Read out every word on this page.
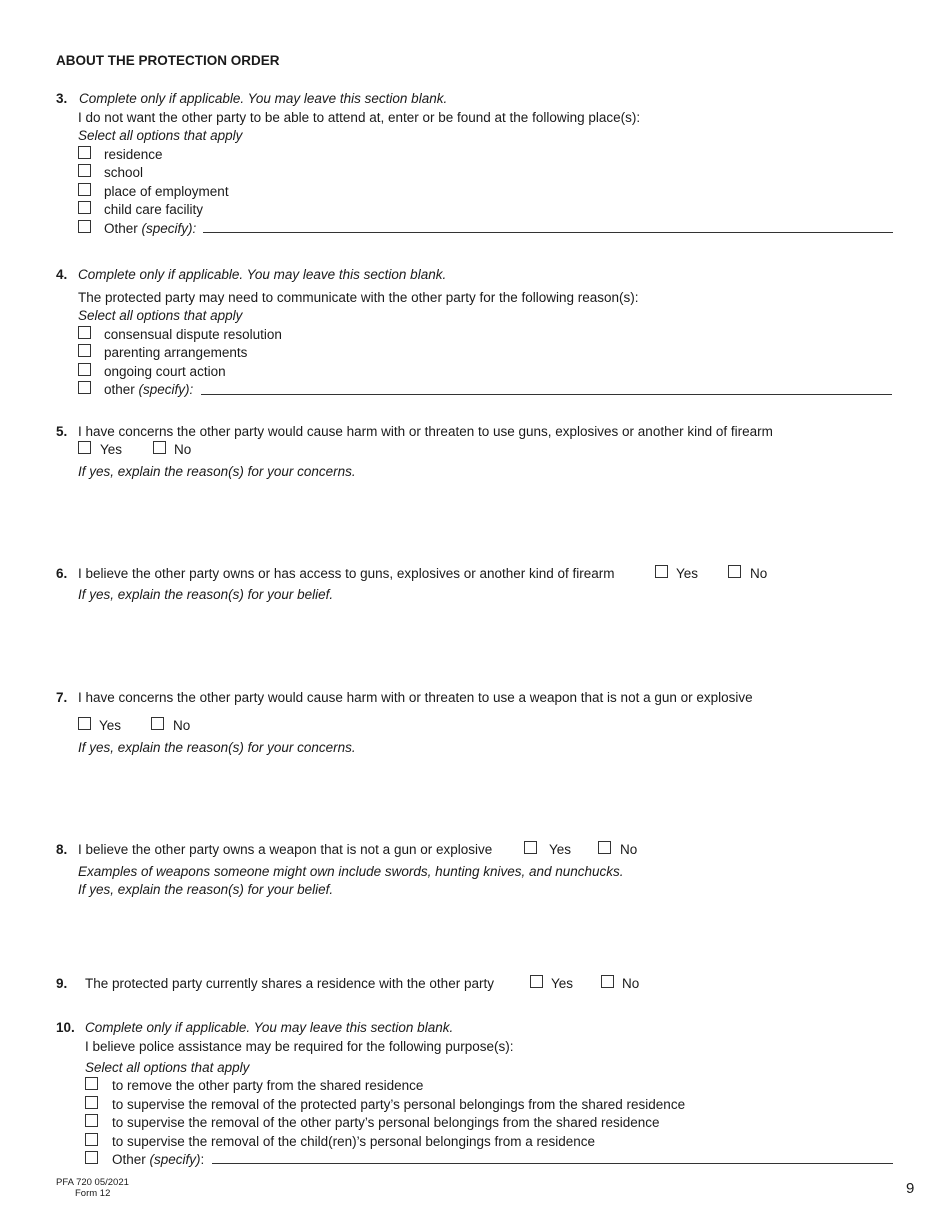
ABOUT THE PROTECTION ORDER
3. Complete only if applicable. You may leave this section blank.
I do not want the other party to be able to attend at, enter or be found at the following place(s):
Select all options that apply
residence
school
place of employment
child care facility
Other (specify):
4. Complete only if applicable. You may leave this section blank.
The protected party may need to communicate with the other party for the following reason(s):
Select all options that apply
consensual dispute resolution
parenting arrangements
ongoing court action
other (specify):
5. I have concerns the other party would cause harm with or threaten to use guns, explosives or another kind of firearm
Yes	No
If yes, explain the reason(s) for your concerns.
6. I believe the other party owns or has access to guns, explosives or another kind of firearm	Yes	No
If yes, explain the reason(s) for your belief.
7. I have concerns the other party would cause harm with or threaten to use a weapon that is not a gun or explosive
Yes	No
If yes, explain the reason(s) for your concerns.
8. I believe the other party owns a weapon that is not a gun or explosive	Yes	No
Examples of weapons someone might own include swords, hunting knives, and nunchucks.
If yes, explain the reason(s) for your belief.
9. The protected party currently shares a residence with the other party	Yes	No
10. Complete only if applicable. You may leave this section blank.
I believe police assistance may be required for the following purpose(s):
Select all options that apply
to remove the other party from the shared residence
to supervise the removal of the protected party’s personal belongings from the shared residence
to supervise the removal of the other party’s personal belongings from the shared residence
to supervise the removal of the child(ren)’s personal belongings from a residence
Other (specify):
PFA 720 05/2021
Form 12	9
